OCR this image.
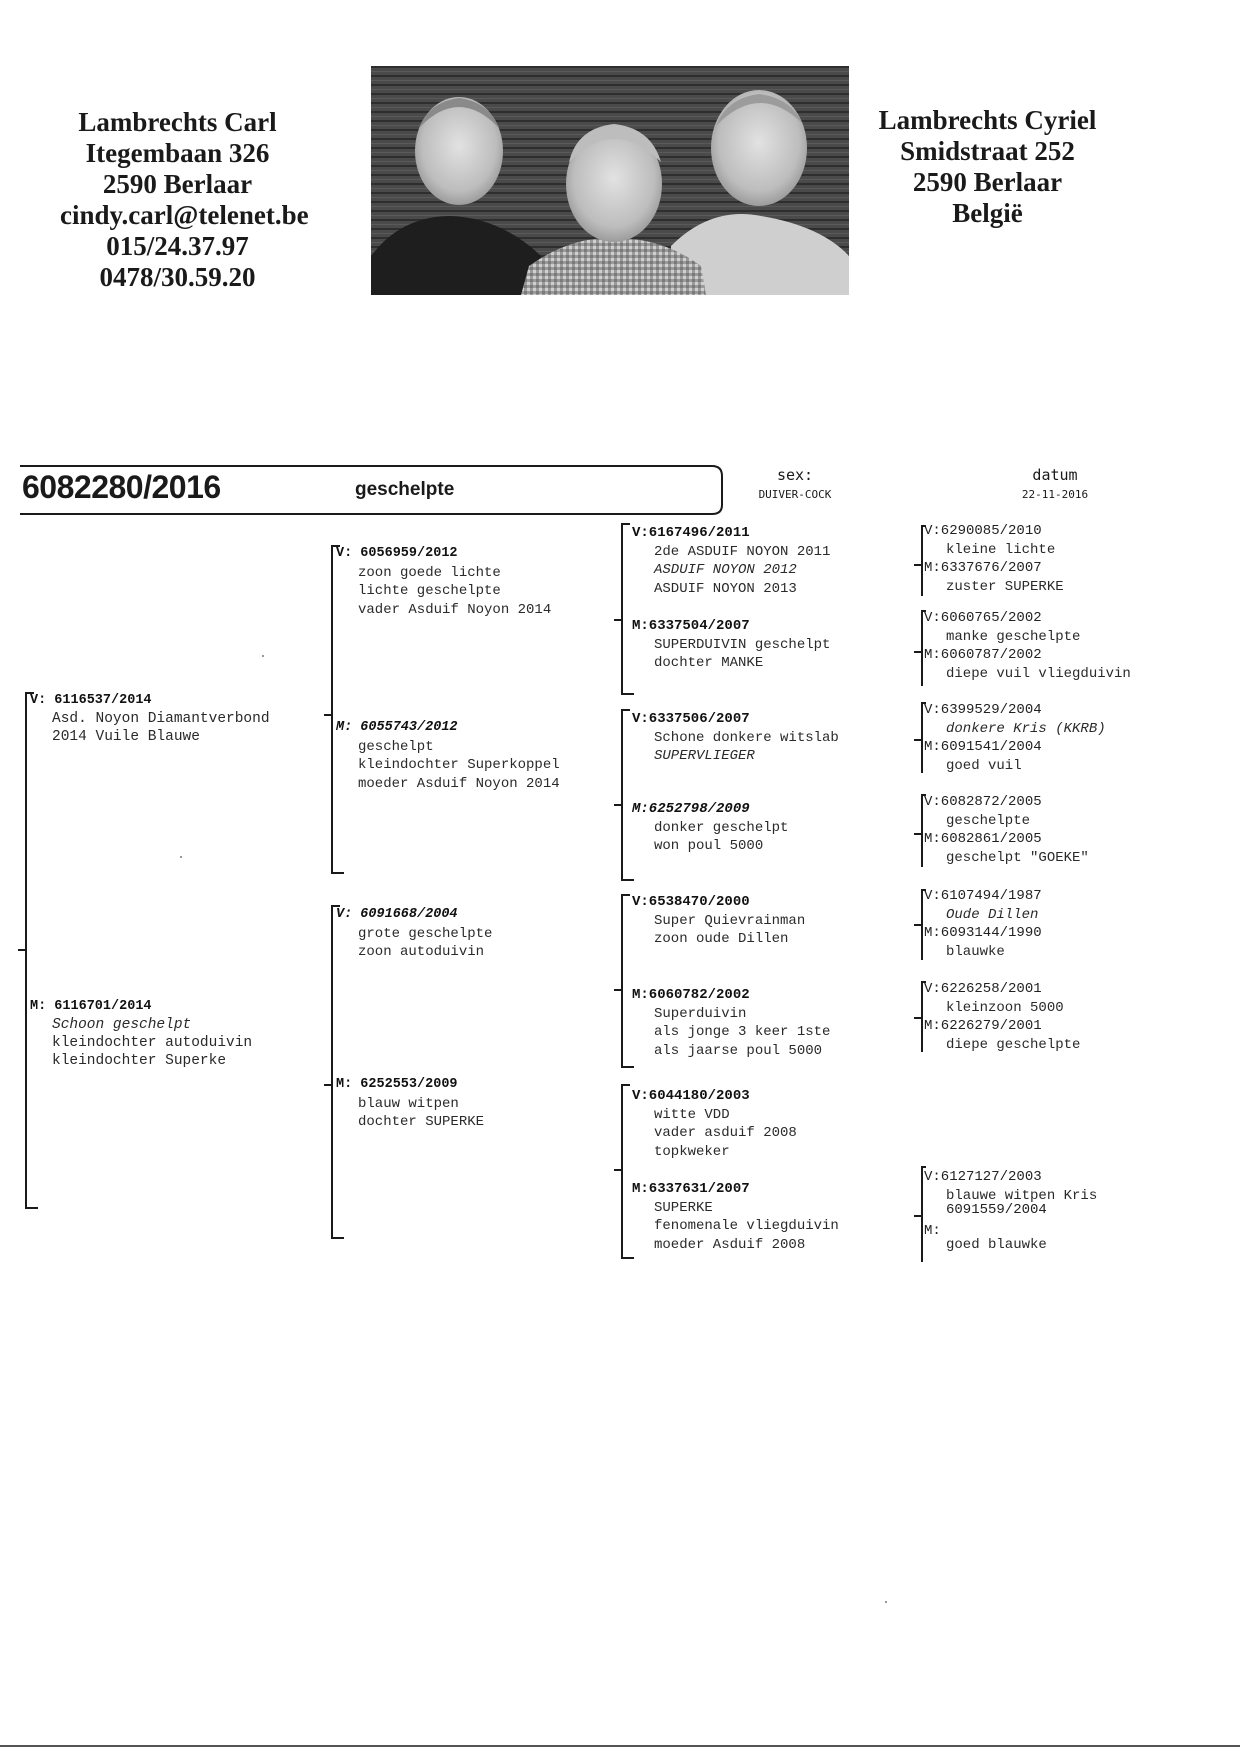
Lambrechts Carl
Itegembaan 326
2590 Berlaar
cindy.carl@telenet.be
015/24.37.97
0478/30.59.20
Lambrechts Cyriel
Smidstraat 252
2590 Berlaar
België
6082280/2016	geschelpte
sex:
DUIVER-COCK
datum
22-11-2016
V: 6116537/2014
Asd. Noyon Diamantverbond
2014 Vuile Blauwe
M: 6116701/2014
Schoon geschelpt
kleindochter autoduivin
kleindochter Superke
V: 6056959/2012
zoon goede lichte
lichte geschelpte
vader Asduif Noyon 2014
M: 6055743/2012
geschelpt
kleindochter Superkoppel
moeder Asduif Noyon 2014
V: 6091668/2004
grote geschelpte
zoon autoduivin
M: 6252553/2009
blauw witpen
dochter SUPERKE
V:6167496/2011
2de ASDUIF NOYON 2011
ASDUIF NOYON 2012
ASDUIF NOYON 2013
M:6337504/2007
SUPERDUIVIN geschelpt
dochter MANKE
V:6337506/2007
Schone donkere witslab
SUPERVLIEGER
M:6252798/2009
donker geschelpt
won poul 5000
V:6538470/2000
Super Quievrainman
zoon oude Dillen
M:6060782/2002
Superduivin
als jonge 3 keer 1ste
als jaarse poul 5000
V:6044180/2003
witte VDD
vader asduif 2008
topkweker
M:6337631/2007
SUPERKE
fenomenale vliegduivin
moeder Asduif 2008
V:6290085/2010
kleine lichte
M:6337676/2007
zuster SUPERKE
V:6060765/2002
manke geschelpte
M:6060787/2002
diepe vuil vliegduivin
V:6399529/2004
donkere Kris (KKRB)
M:6091541/2004
goed vuil
V:6082872/2005
geschelpte
M:6082861/2005
geschelpt "GOEKE"
V:6107494/1987
Oude Dillen
M:6093144/1990
blauwke
V:6226258/2001
kleinzoon 5000
M:6226279/2001
diepe geschelpte
V:6127127/2003
blauwe witpen Kris
6091559/2004
M:
goed blauwke
